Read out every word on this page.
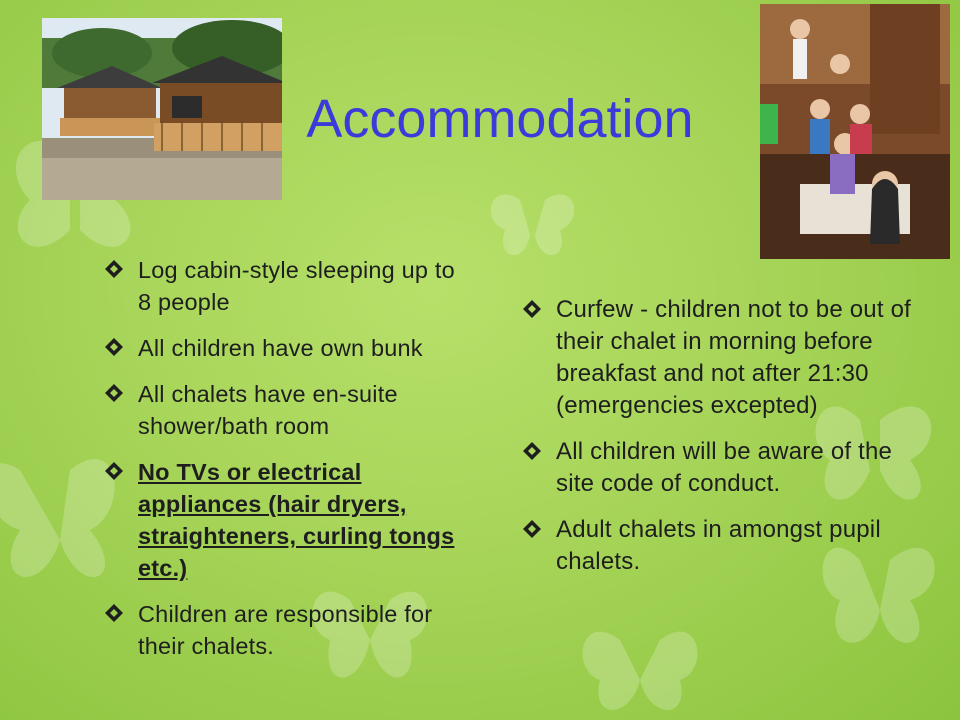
Accommodation
Log cabin-style sleeping up to 8 people
All children have own bunk
All chalets have en-suite shower/bath room
No TVs or electrical appliances (hair dryers, straighteners, curling tongs etc.)
Children are responsible for their chalets.
Curfew - children not to be out of their chalet in morning before breakfast and not after 21:30 (emergencies excepted)
All children will be aware of the site code of conduct.
Adult chalets in amongst pupil chalets.
